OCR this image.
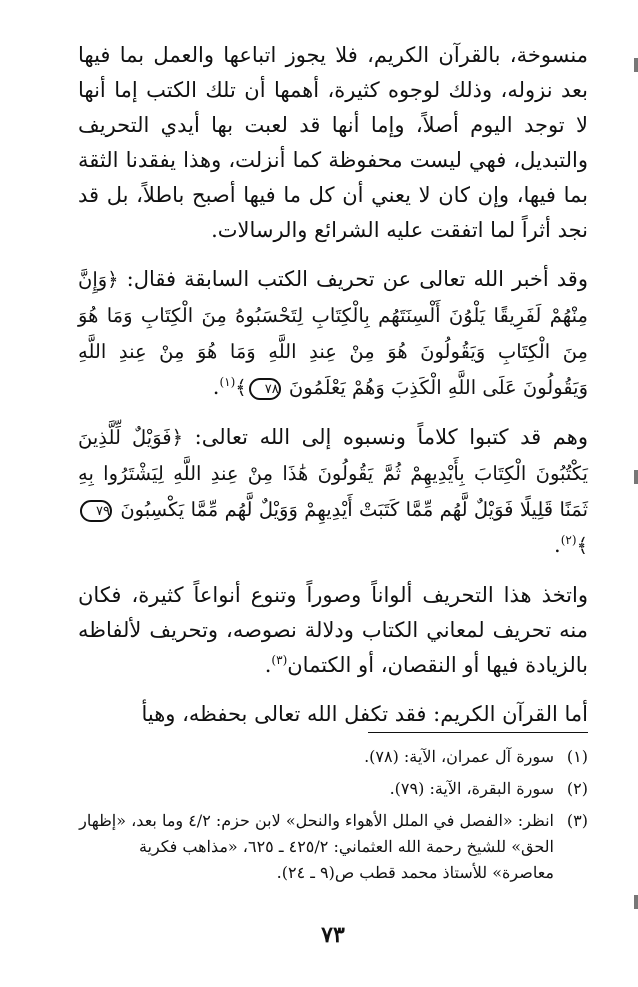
منسوخة، بالقرآن الكريم، فلا يجوز اتباعها والعمل بما فيها بعد نزوله، وذلك لوجوه كثيرة، أهمها أن تلك الكتب إما أنها لا توجد اليوم أصلاً، وإما أنها قد لعبت بها أيدي التحريف والتبديل، فهي ليست محفوظة كما أنزلت، وهذا يفقدنا الثقة بما فيها، وإن كان لا يعني أن كل ما فيها أصبح باطلاً، بل قد نجد أثراً لما اتفقت عليه الشرائع والرسالات.

وقد أخبر الله تعالى عن تحريف الكتب السابقة فقال: ﴿وَإِنَّ مِنْهُمْ لَفَرِيقًا يَلْوُنَ أَلْسِنَتَهُم بِالْكِتَابِ لِتَحْسَبُوهُ مِنَ الْكِتَابِ وَمَا هُوَ مِنَ الْكِتَابِ وَيَقُولُونَ هُوَ مِنْ عِندِ اللَّهِ وَمَا هُوَ مِنْ عِندِ اللَّهِ وَيَقُولُونَ عَلَى اللَّهِ الْكَذِبَ وَهُمْ يَعْلَمُونَ ٧٨﴾$^{(١)}$.

وهم قد كتبوا كلاماً ونسبوه إلى الله تعالى: ﴿فَوَيْلٌ لِّلَّذِينَ يَكْتُبُونَ الْكِتَابَ بِأَيْدِيهِمْ ثُمَّ يَقُولُونَ هَٰذَا مِنْ عِندِ اللَّهِ لِيَشْتَرُوا بِهِ ثَمَنًا قَلِيلًا فَوَيْلٌ لَّهُم مِّمَّا كَتَبَتْ أَيْدِيهِمْ وَوَيْلٌ لَّهُم مِّمَّا يَكْسِبُونَ ٧٩﴾$^{(٢)}$.

واتخذ هذا التحريف ألواناً وصوراً وتنوع أنواعاً كثيرة، فكان منه تحريف لمعاني الكتاب ودلالة نصوصه، وتحريف لألفاظه بالزيادة فيها أو النقصان، أو الكتمان$^{(٣)}$.

أما القرآن الكريم: فقد تكفل الله تعالى بحفظه، وهيأ

(١)
سورة آل عمران، الآية: (٧٨).
(٢)
سورة البقرة، الآية: (٧٩).
(٣)
انظر: «الفصل في الملل الأهواء والنحل» لابن حزم: ٤/٢ وما بعد، «إظهار الحق» للشيخ رحمة الله العثماني: ٤٢٥/٢ ـ ٦٢٥، «مذاهب فكرية معاصرة» للأستاذ محمد قطب ص(٩ ـ ٢٤).
٧٣
